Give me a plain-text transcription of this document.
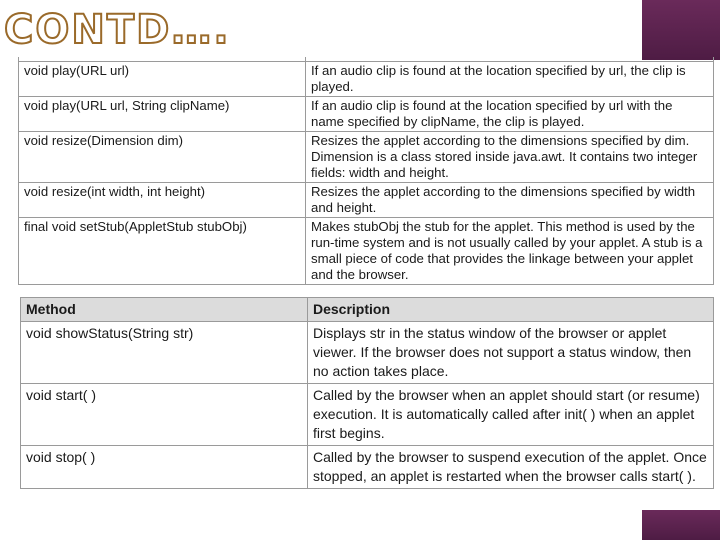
CONTD….

void play(URL url)	If an audio clip is found at the location specified by url, the clip is played.
void play(URL url, String clipName)	If an audio clip is found at the location specified by url with the name specified by clipName, the clip is played.
void resize(Dimension dim)	Resizes the applet according to the dimensions specified by dim. Dimension is a class stored inside java.awt. It contains two integer fields: width and height.
void resize(int width, int height)	Resizes the applet according to the dimensions specified by width and height.
final void setStub(AppletStub stubObj)	Makes stubObj the stub for the applet. This method is used by the run-time system and is not usually called by your applet. A stub is a small piece of code that provides the linkage between your applet and the browser.
Method	Description
void showStatus(String str)	Displays str in the status window of the browser or applet viewer. If the browser does not support a status window, then no action takes place.
void start( )	Called by the browser when an applet should start (or resume) execution. It is automatically called after init( ) when an applet first begins.
void stop( )	Called by the browser to suspend execution of the applet. Once stopped, an applet is restarted when the browser calls start( ).
